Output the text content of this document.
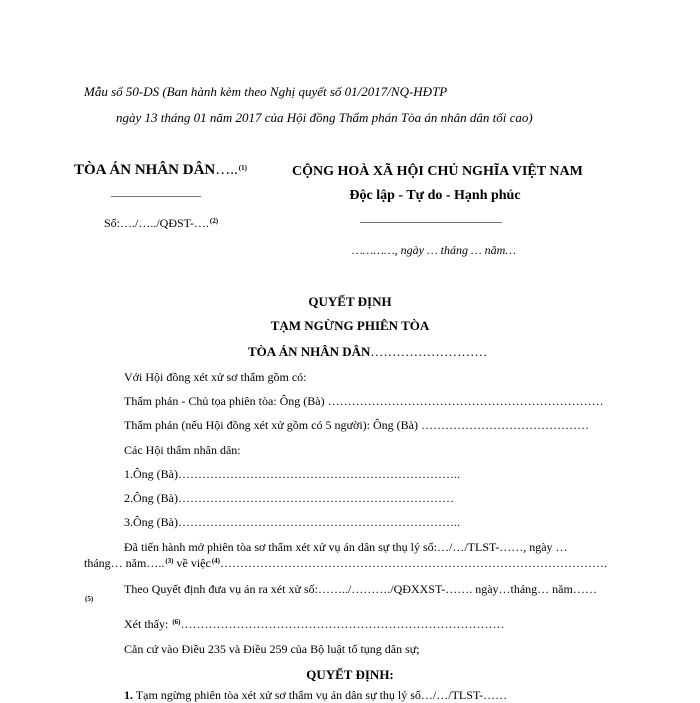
Mẫu số 50-DS (Ban hành kèm theo Nghị quyết số 01/2017/NQ-HĐTP
ngày 13 tháng 01 năm 2017 của Hội đồng Thẩm phán Tòa án nhân dân tối cao)
TÒA ÁN NHÂN DÂN…..$^{(1)}$
Số:…./…../QĐST-….$^{(2)}$
CỘNG HOÀ XÃ HỘI CHỦ NGHĨA VIỆT NAM
Độc lập - Tự do - Hạnh phúc
…………, ngày … tháng … năm…
QUYẾT ĐỊNH
TẠM NGỪNG PHIÊN TÒA
TÒA ÁN NHÂN DÂN………………………
Với Hội đồng xét xử sơ thẩm gồm có:
Thẩm phán - Chủ tọa phiên tòa: Ông (Bà) ……………………………………………………………
Thẩm phán (nếu Hội đồng xét xử gồm có 5 người): Ông (Bà) ……………………………………
Các Hội thẩm nhân dân:
1.Ông (Bà)……………………………………………………………..
2.Ông (Bà)……………………………………………………………
3.Ông (Bà)……………………………………………………………..
Đã tiến hành mở phiên tòa sơ thẩm xét xử vụ án dân sự thụ lý số:…/…/TLST-……, ngày …
tháng… năm…..$^{(3)}$ về việc$^{(4)}$…………………………………………………………………………………….
Theo Quyết định đưa vụ án ra xét xử số:……../………./QĐXXST-……. ngày…tháng… năm……
$^{(5)}$
Xét thấy: $^{(6)}$………………………………………………………………………
Căn cứ vào Điều 235 và Điều 259 của Bộ luật tố tụng dân sự;
QUYẾT ĐỊNH:
1. Tạm ngừng phiên tòa xét xử sơ thẩm vụ án dân sự thụ lý số…/…/TLST-……
